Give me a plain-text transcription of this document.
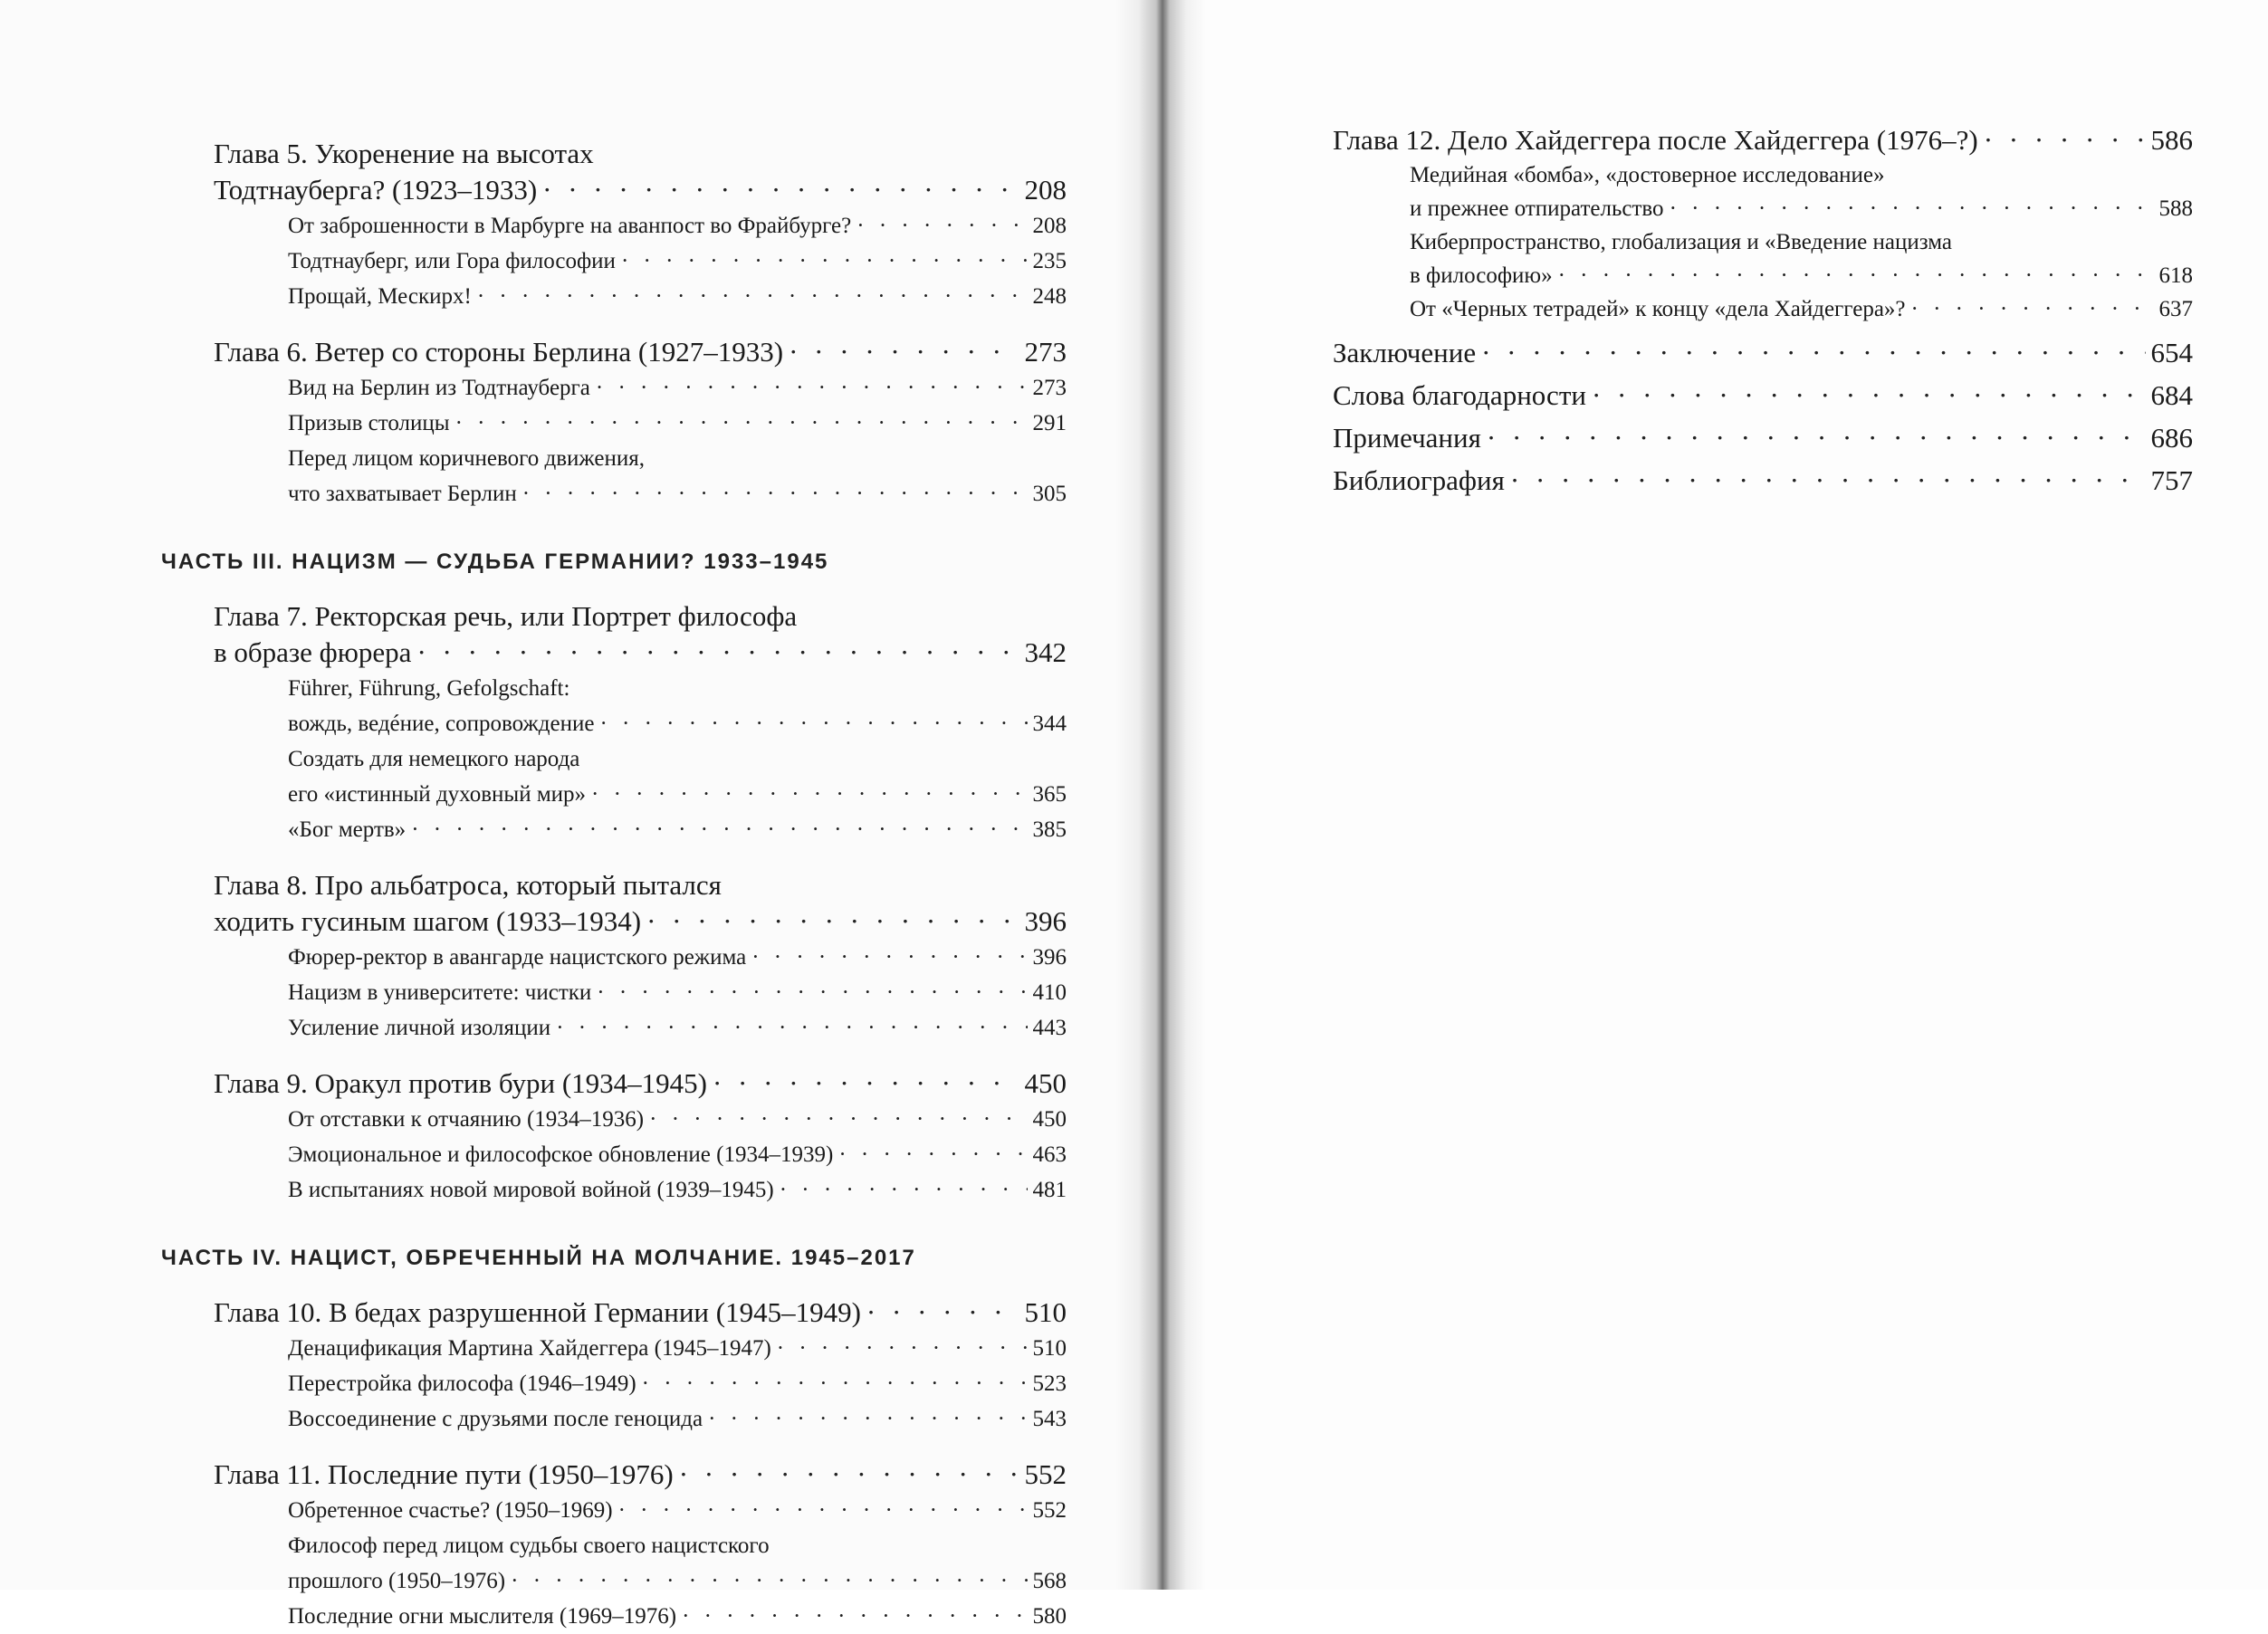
Глава 5. Укоренение на высотах
Тодтнауберга? (1923–1933) · · ·	208
От заброшенности в Марбурге на аванпост во Фрайбурге? · · ·	208
Тодтнауберг, или Гора философии · · ·	235
Прощай, Мескирх! · · ·	248
Глава 6. Ветер со стороны Берлина (1927–1933) · · ·	273
Вид на Берлин из Тодтнауберга · · ·	273
Призыв столицы · · ·	291
Перед лицом коричневого движения,
что захватывает Берлин · · ·	305
ЧАСТЬ III. НАЦИЗМ — СУДЬБА ГЕРМАНИИ? 1933–1945
Глава 7. Ректорская речь, или Портрет философа
в образе фюрера · · ·	342
Führer, Führung, Gefolgschaft:
вождь, ведéние, сопровождение · · ·	344
Создать для немецкого народа
его «истинный духовный мир» · · ·	365
«Бог мертв» · · ·	385
Глава 8. Про альбатроса, который пытался
ходить гусиным шагом (1933–1934) · · ·	396
Фюрер-ректор в авангарде нацистского режима · · ·	396
Нацизм в университете: чистки · · ·	410
Усиление личной изоляции · · ·	443
Глава 9. Оракул против бури (1934–1945) · · ·	450
От отставки к отчаянию (1934–1936) · · ·	450
Эмоциональное и философское обновление (1934–1939) · · ·	463
В испытаниях новой мировой войной (1939–1945) · · ·	481
ЧАСТЬ IV. НАЦИСТ, ОБРЕЧЕННЫЙ НА МОЛЧАНИЕ. 1945–2017
Глава 10. В бедах разрушенной Германии (1945–1949) · · ·	510
Денацификация Мартина Хайдеггера (1945–1947) · · ·	510
Перестройка философа (1946–1949) · · ·	523
Воссоединение с друзьями после геноцида · · ·	543
Глава 11. Последние пути (1950–1976) · · ·	552
Обретенное счастье? (1950–1969) · · ·	552
Философ перед лицом судьбы своего нацистского
прошлого (1950–1976) · · ·	568
Последние огни мыслителя (1969–1976) · · ·	580
Глава 12. Дело Хайдеггера после Хайдеггера (1976–?) · · ·	586
Медийная «бомба», «достоверное исследование»
и прежнее отпирательство · · ·	588
Киберпространство, глобализация и «Введение нацизма
в философию» · · ·	618
От «Черных тетрадей» к концу «дела Хайдеггера»? · · ·	637
Заключение · · ·	654
Слова благодарности · · ·	684
Примечания · · ·	686
Библиография · · ·	757
